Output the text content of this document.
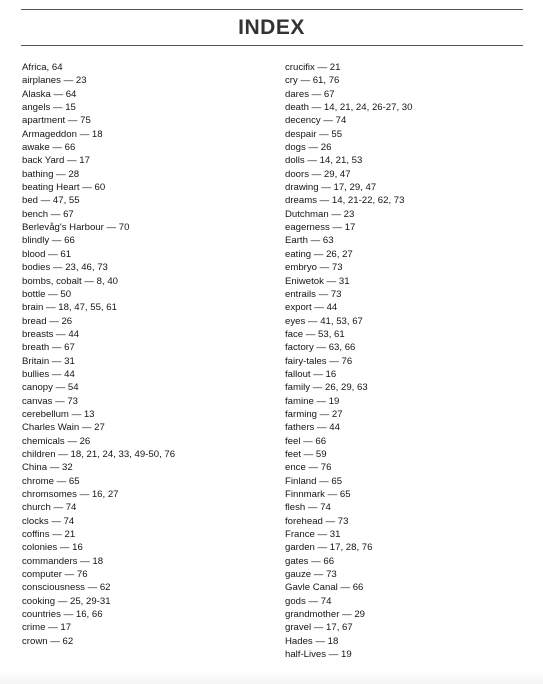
INDEX
Africa, 64
airplanes — 23
Alaska — 64
angels — 15
apartment — 75
Armageddon — 18
awake — 66
back Yard — 17
bathing — 28
beating Heart — 60
bed — 47, 55
bench — 67
Berlevåg's Harbour — 70
blindly — 66
blood — 61
bodies — 23, 46, 73
bombs, cobalt — 8, 40
bottle — 50
brain — 18, 47, 55, 61
bread — 26
breasts — 44
breath — 67
Britain — 31
bullies — 44
canopy — 54
canvas — 73
cerebellum — 13
Charles Wain — 27
chemicals — 26
children — 18, 21, 24, 33, 49-50, 76
China — 32
chrome — 65
chromsomes — 16, 27
church — 74
clocks — 74
coffins — 21
colonies — 16
commanders — 18
computer — 76
consciousness — 62
cooking — 25, 29-31
countries — 16, 66
crime — 17
crown — 62
crucifix — 21
cry — 61, 76
dares — 67
death — 14, 21, 24, 26-27, 30
decency — 74
despair — 55
dogs — 26
dolls — 14, 21, 53
doors — 29, 47
drawing — 17, 29, 47
dreams — 14, 21-22, 62, 73
Dutchman — 23
eagerness — 17
Earth — 63
eating — 26, 27
embryo — 73
Eniwetok — 31
entrails — 73
export — 44
eyes — 41, 53, 67
face — 53, 61
factory — 63, 66
fairy-tales — 76
fallout — 16
family — 26, 29, 63
famine — 19
farming — 27
fathers — 44
feel — 66
feet — 59
ence — 76
Finland — 65
Finnmark — 65
flesh — 74
forehead — 73
France — 31
garden — 17, 28, 76
gates — 66
gauze — 73
Gavle Canal — 66
gods — 74
grandmother — 29
gravel — 17, 67
Hades — 18
half-Lives — 19
